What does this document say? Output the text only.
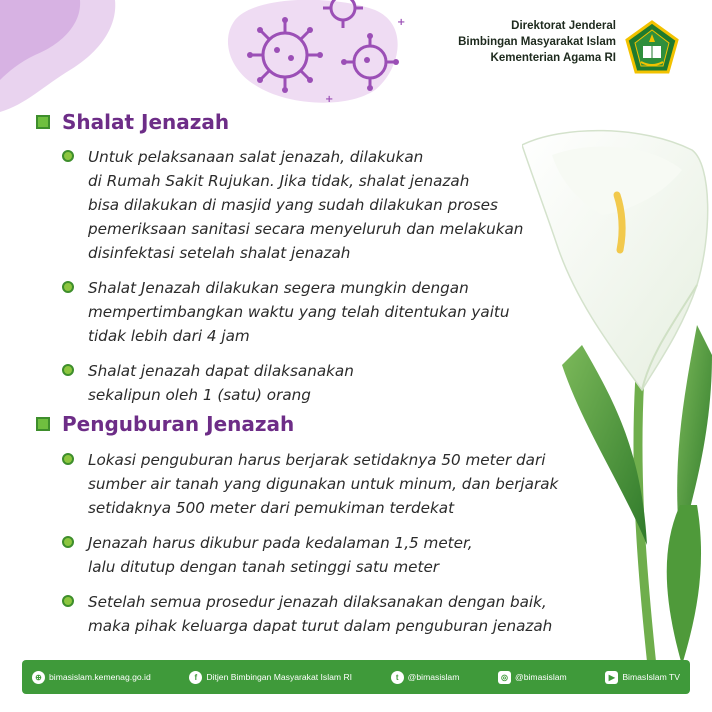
+
+
Direktorat Jenderal
Bimbingan Masyarakat Islam
Kementerian Agama RI
Shalat Jenazah
Untuk pelaksanaan salat jenazah, dilakukan
di Rumah Sakit Rujukan. Jika tidak, shalat jenazah
bisa dilakukan di masjid yang sudah dilakukan proses
pemeriksaan sanitasi secara menyeluruh dan melakukan
disinfektasi setelah shalat jenazah
Shalat Jenazah dilakukan segera mungkin dengan
mempertimbangkan waktu yang telah ditentukan yaitu
tidak lebih dari 4 jam
Shalat jenazah dapat dilaksanakan
sekalipun oleh 1 (satu) orang
Penguburan Jenazah
Lokasi penguburan harus berjarak setidaknya 50 meter dari
sumber air tanah yang digunakan untuk minum, dan berjarak
setidaknya 500 meter dari pemukiman terdekat
Jenazah harus dikubur pada kedalaman 1,5 meter,
lalu ditutup dengan tanah setinggi satu meter
Setelah semua prosedur jenazah dilaksanakan dengan baik,
maka pihak keluarga dapat turut dalam penguburan jenazah
⊕ bimasislam.kemenag.go.id	f	Ditjen Bimbingan Masyarakat Islam RI	t	@bimasislam	◎ @bimasislam	▶ BimasIslam TV
